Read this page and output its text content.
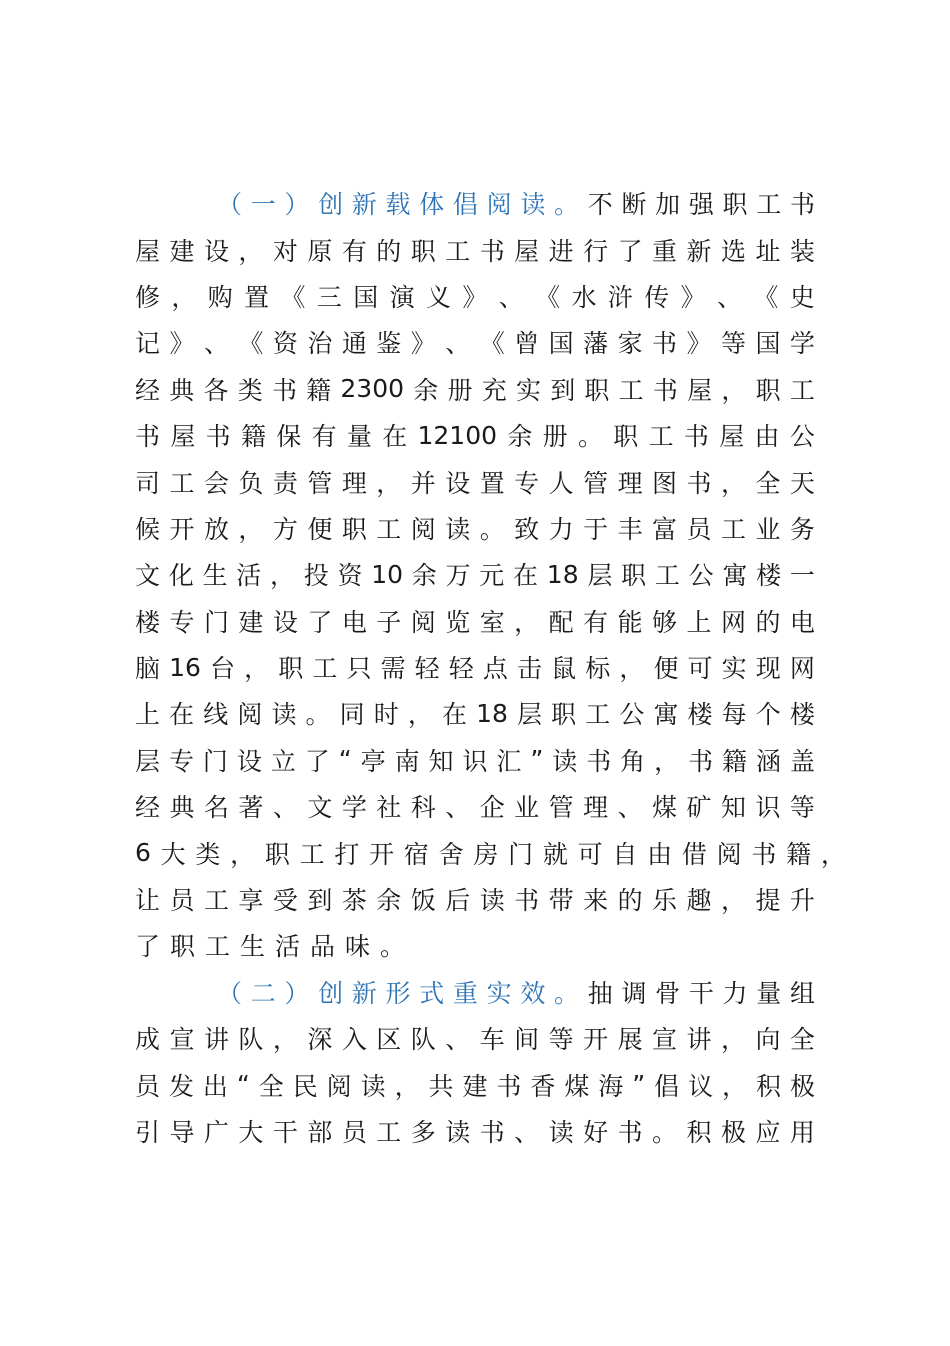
（ 一 ） 创 新 载 体 倡 阅 读 。 不 断 加 强 职 工 书
屋 建 设 ， 对 原 有 的 职 工 书 屋 进 行 了 重 新 选 址 装
修 ， 购 置 《 三 国 演 义 》 、 《 水 浒 传 》 、 《 史
记 》 、 《 资 治 通 鉴 》 、 《 曾 国 藩 家 书 》 等 国 学
经 典 各 类 书 籍 2300 余 册 充 实 到 职 工 书 屋 ， 职 工
书 屋 书 籍 保 有 量 在 12100 余 册 。 职 工 书 屋 由 公
司 工 会 负 责 管 理 ， 并 设 置 专 人 管 理 图 书 ， 全 天
候 开 放 ， 方 便 职 工 阅 读 。 致 力 于 丰 富 员 工 业 务
文 化 生 活 ， 投 资 10 余 万 元 在 18 层 职 工 公 寓 楼 一
楼 专 门 建 设 了 电 子 阅 览 室 ， 配 有 能 够 上 网 的 电
脑 16 台 ， 职 工 只 需 轻 轻 点 击 鼠 标 ， 便 可 实 现 网
上 在 线 阅 读 。 同 时 ， 在 18 层 职 工 公 寓 楼 每 个 楼
层 专 门 设 立 了 “ 亭 南 知 识 汇 ” 读 书 角 ， 书 籍 涵 盖
经 典 名 著 、 文 学 社 科 、 企 业 管 理 、 煤 矿 知 识 等
6 大 类 ， 职 工 打 开 宿 舍 房 门 就 可 自 由 借 阅 书 籍 ，
让 员 工 享 受 到 茶 余 饭 后 读 书 带 来 的 乐 趣 ， 提 升
了职工生活品味。
（ 二 ） 创 新 形 式 重 实 效 。 抽 调 骨 干 力 量 组
成 宣 讲 队 ， 深 入 区 队 、 车 间 等 开 展 宣 讲 ， 向 全
员 发 出 “ 全 民 阅 读 ， 共 建 书 香 煤 海 ” 倡 议 ， 积 极
引 导 广 大 干 部 员 工 多 读 书 、 读 好 书 。 积 极 应 用
